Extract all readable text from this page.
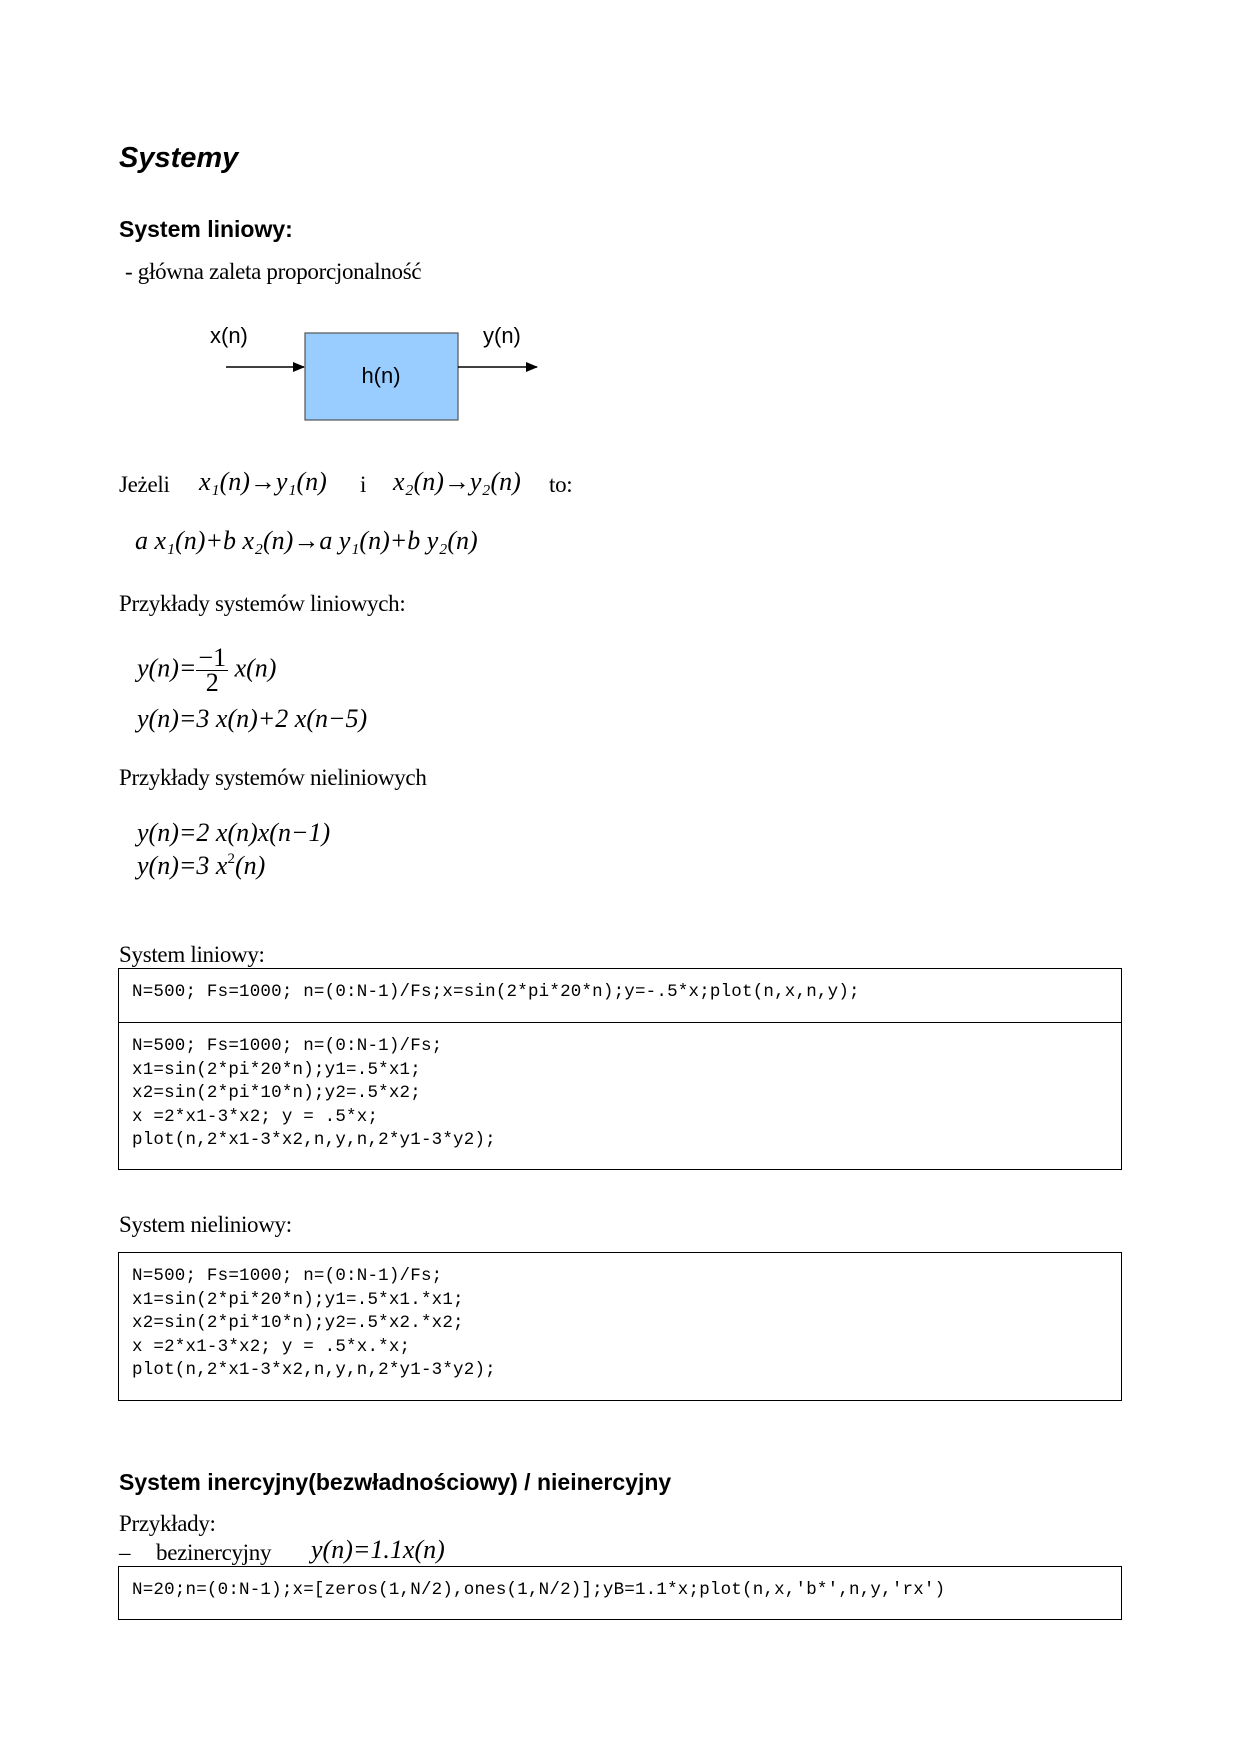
Systemy
System liniowy:
- główna zaleta proporcjonalność
x(n)
h(n)
y(n)
Jeżeli x₁(n)→y₁(n) i x₂(n)→y₂(n) to:
a x₁(n)+b x₂(n)→a y₁(n)+b y₂(n)
Przykłady systemów liniowych:
$y(n)= \frac{-1}{2} x(n)$
y(n)=3 x(n)+2 x(n−5)
Przykłady systemów nieliniowych
y(n)=2 x(n)x(n−1)
y(n)=3 $x^2(n)$
System liniowy:
N=500; Fs=1000; n=(0:N-1)/Fs;x=sin(2*pi*20*n);y=-.5*x;plot(n,x,n,y);
N=500; Fs=1000; n=(0:N-1)/Fs;
x1=sin(2*pi*20*n);y1=.5*x1;
x2=sin(2*pi*10*n);y2=.5*x2;
x =2*x1-3*x2; y = .5*x;
plot(n,2*x1-3*x2,n,y,n,2*y1-3*y2);
System nieliniowy:
N=500; Fs=1000; n=(0:N-1)/Fs;
x1=sin(2*pi*20*n);y1=.5*x1.*x1;
x2=sin(2*pi*10*n);y2=.5*x2.*x2;
x =2*x1-3*x2; y = .5*x.*x;
plot(n,2*x1-3*x2,n,y,n,2*y1-3*y2);
System inercyjny(bezwładnościowy) / nieinercyjny
Przykłady:
– bezinercyjny y(n)=1.1x(n)
N=20;n=(0:N-1);x=[zeros(1,N/2),ones(1,N/2)];yB=1.1*x;plot(n,x,'b*',n,y,'rx')
